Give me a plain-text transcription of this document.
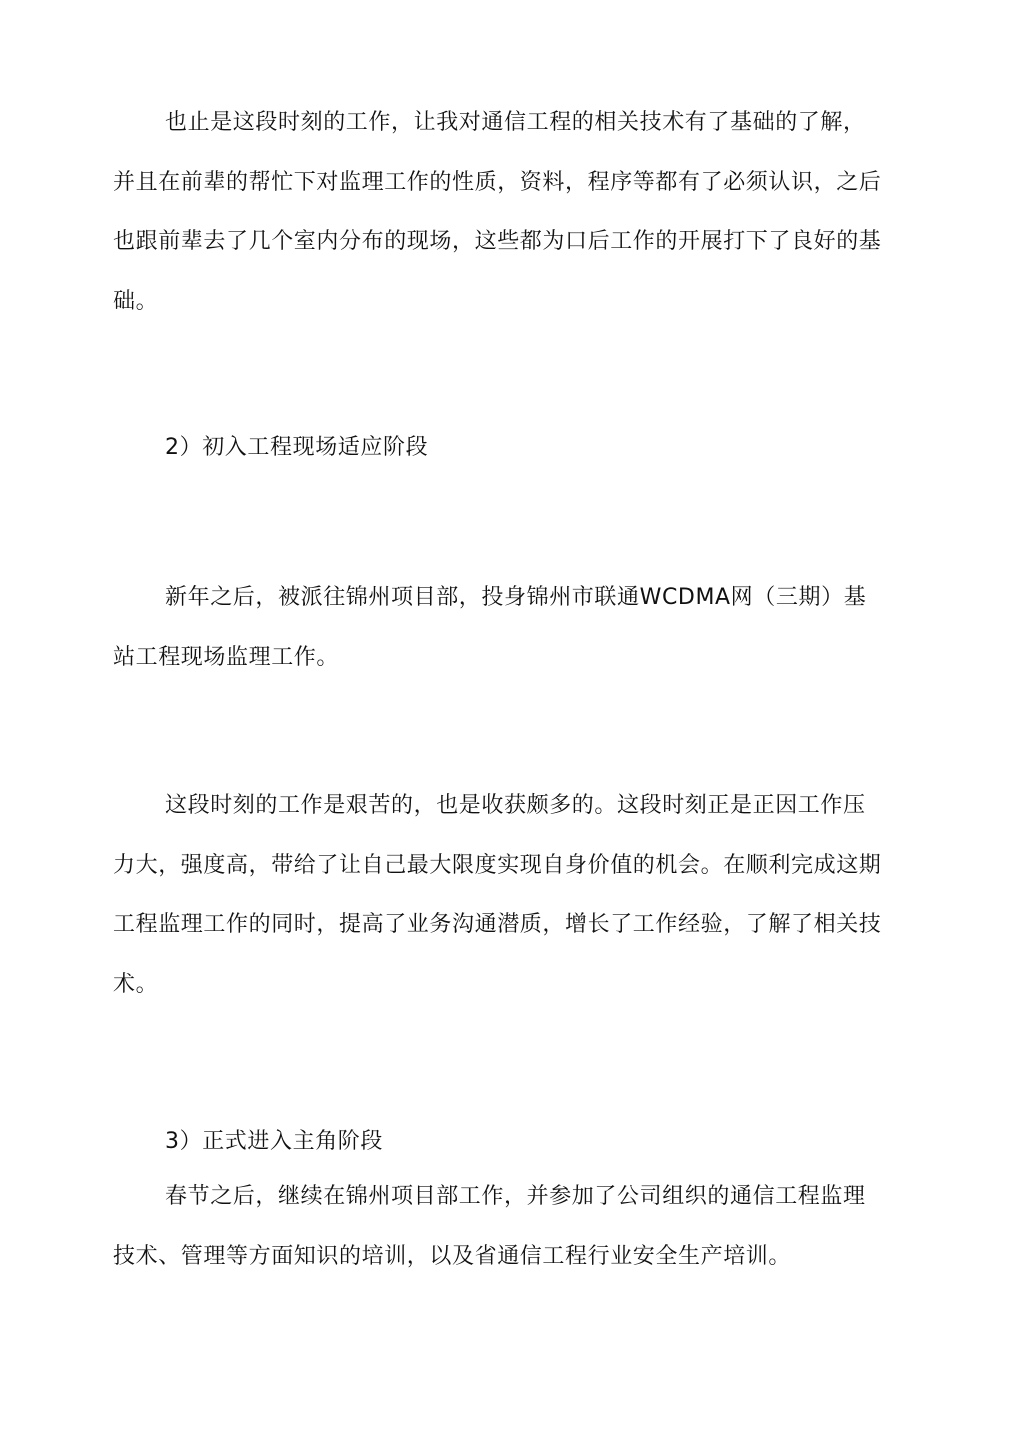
也止是这段时刻的工作，让我对通信工程的相关技术有了基础的了解，并且在前辈的帮忙下对监理工作的性质，资料，程序等都有了必须认识，之后也跟前辈去了几个室内分布的现场，这些都为口后工作的开展打下了良好的基础。

2）初入工程现场适应阶段

新年之后，被派往锦州项目部，投身锦州市联通WCDMA网（三期）基站工程现场监理工作。

这段时刻的工作是艰苦的，也是收获颇多的。这段时刻正是正因工作压力大，强度高，带给了让自己最大限度实现自身价值的机会。在顺利完成这期工程监理工作的同时，提高了业务沟通潜质，增长了工作经验，了解了相关技术。

3）正式进入主角阶段

春节之后，继续在锦州项目部工作，并参加了公司组织的通信工程监理技术、管理等方面知识的培训，以及省通信工程行业安全生产培训。
